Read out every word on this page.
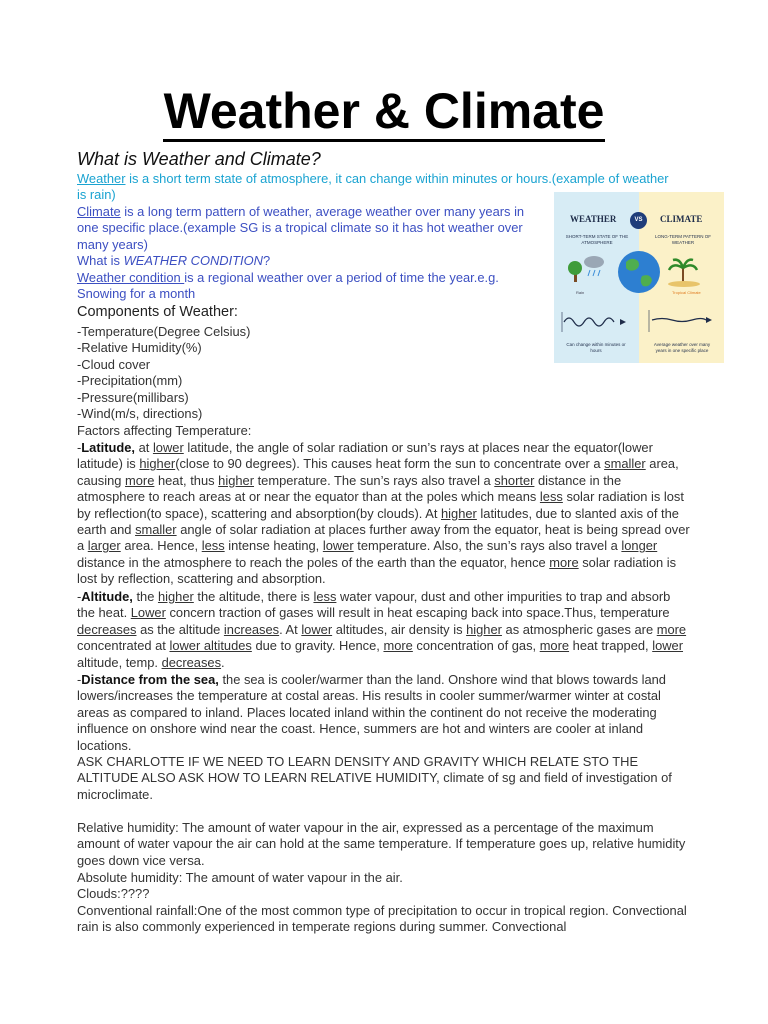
Weather & Climate
What is Weather and Climate?
Weather is a short term state of atmosphere, it can change within minutes or hours.(example of weather is rain)
Climate is a long term pattern of weather, average weather over many years in one specific place.(example SG is a tropical climate so it has hot weather over many years)
What is WEATHER CONDITION?
Weather condition is a regional weather over a period of time the year.e.g. Snowing for a month
Components of Weather:
-Temperature(Degree Celsius)
-Relative Humidity(%)
-Cloud cover
-Precipitation(mm)
-Pressure(millibars)
-Wind(m/s, directions)
Factors affecting Temperature:
-Latitude, at lower latitude, the angle of solar radiation or sun’s rays at places near the equator(lower latitude) is higher(close to 90 degrees). This causes heat form the sun to concentrate over a smaller area, causing more heat, thus higher temperature. The sun’s rays also travel a shorter distance in the atmosphere to reach areas at or near the equator than at the poles which means less solar radiation is lost by reflection(to space), scattering and absorption(by clouds). At higher latitudes, due to slanted axis of the earth and smaller angle of solar radiation at places further away from the equator, heat is being spread over a larger area. Hence, less intense heating, lower temperature. Also, the sun’s rays also travel a longer distance in the atmosphere to reach the poles of the earth than the equator, hence more solar radiation is lost by reflection, scattering and absorption.
-Altitude, the higher the altitude, there is less water vapour, dust and other impurities to trap and absorb the heat. Lower concern traction of gases will result in heat escaping back into space.Thus, temperature decreases as the altitude increases. At lower altitudes, air density is higher as atmospheric gases are more concentrated at lower altitudes due to gravity. Hence, more concentration of gas, more heat trapped, lower altitude, temp. decreases.
-Distance from the sea, the sea is cooler/warmer than the land. Onshore wind that blows towards land lowers/increases the temperature at costal areas. His results in cooler summer/warmer winter at costal areas as compared to inland. Places located inland within the continent do not receive the moderating influence on onshore wind near the coast. Hence, summers are hot and winters are cooler at inland locations.
ASK CHARLOTTE IF WE NEED TO LEARN DENSITY AND GRAVITY WHICH RELATE STO THE ALTITUDE ALSO ASK HOW TO LEARN RELATIVE HUMIDITY, climate of sg and field of investigation of microclimate.
Relative humidity: The amount of water vapour in the air, expressed as a percentage of the maximum amount of water vapour the air can hold at the same temperature. If temperature goes up, relative humidity goes down vice versa.
Absolute humidity: The amount of water vapour in the air.
Clouds:????
Conventional rainfall:One of the most common type of precipitation to occur in tropical region. Convectional rain is also commonly experienced in temperate regions during summer. Convectional
WEATHER	VS	CLIMATE
SHORT-TERM STATE OF THE ATMOSPHERE
LONG-TERM PATTERN OF WEATHER
Rain	Tropical Climate
Can change within minutes or hours
Average weather over many years in one specific place
